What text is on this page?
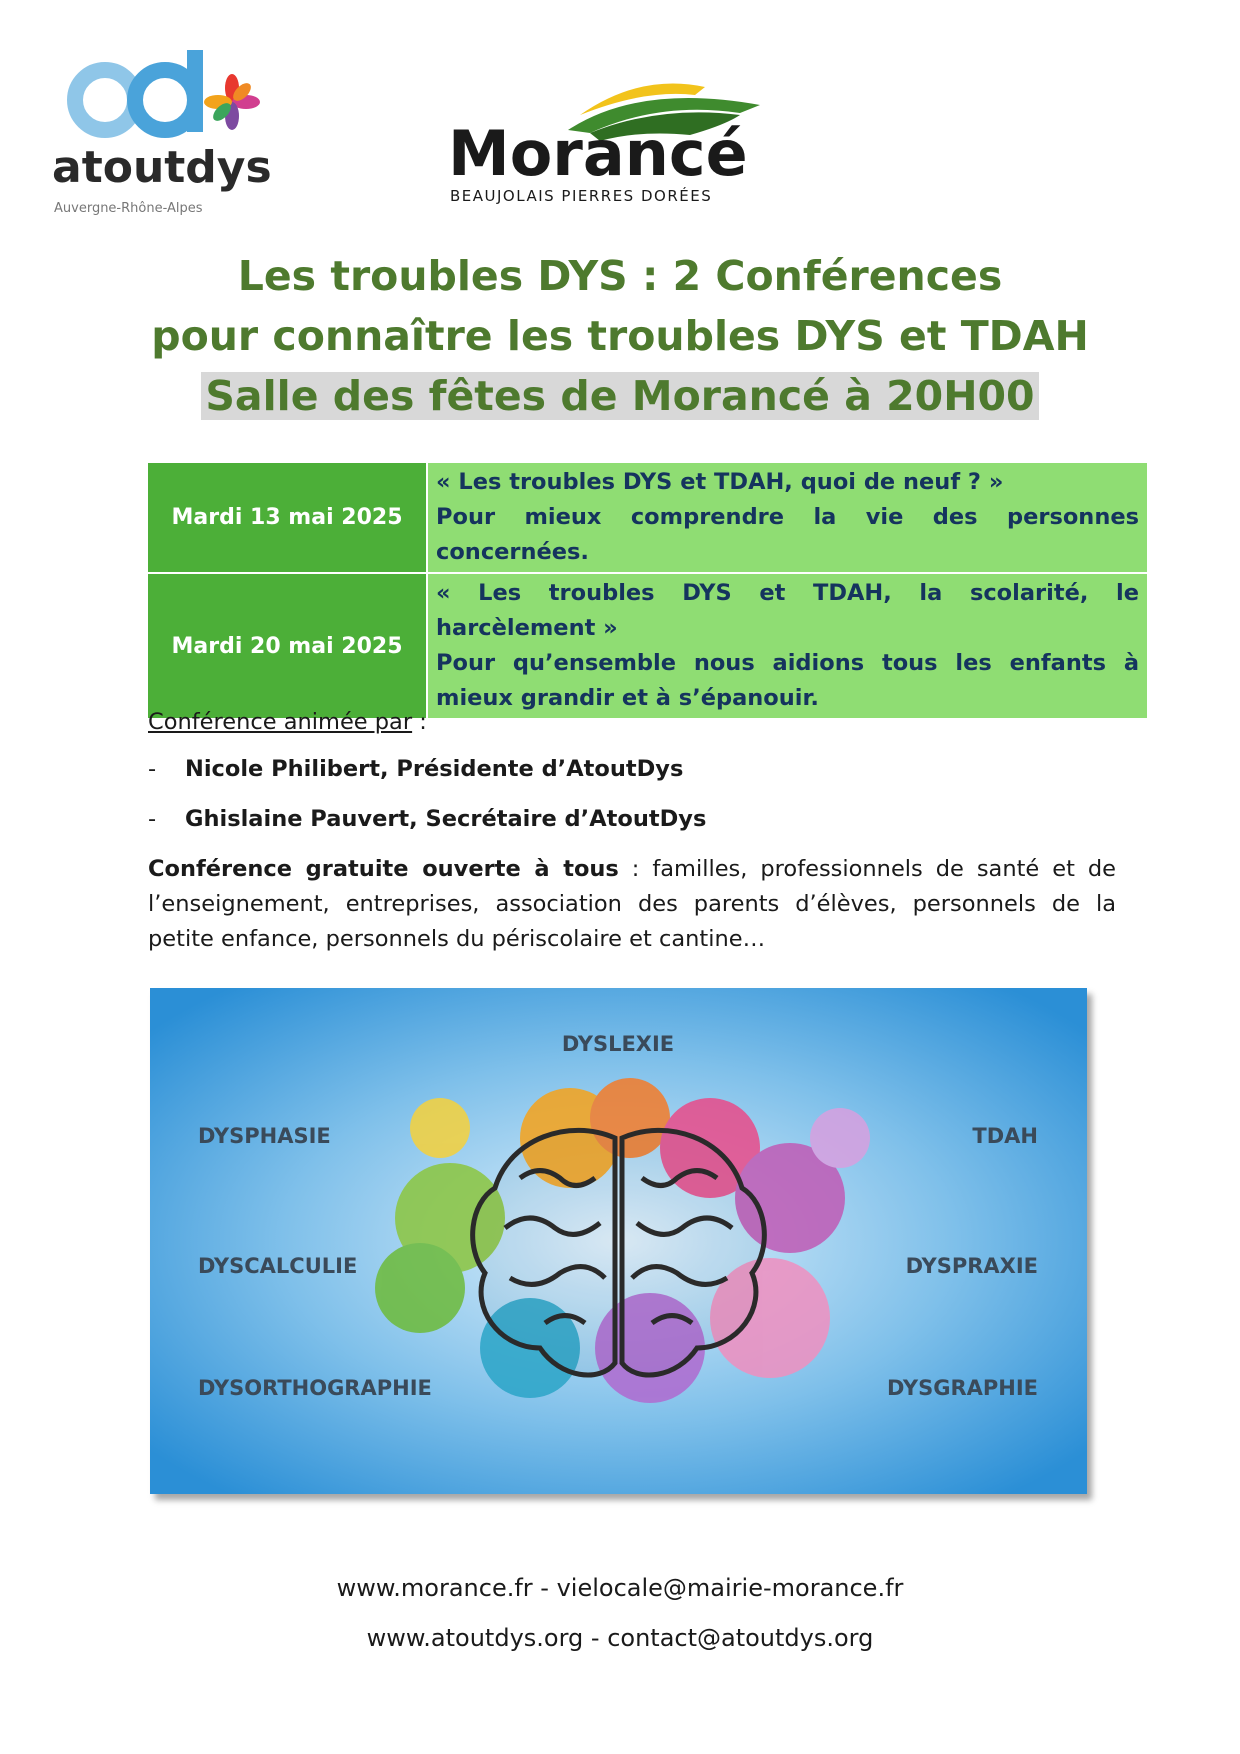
atoutdys
Auvergne-Rhône-Alpes
Morancé
BEAUJOLAIS PIERRES DORÉES
Les troubles DYS : 2 Conférences
pour connaître les troubles DYS et TDAH
Salle des fêtes de Morancé à 20H00
Mardi 13 mai 2025	« Les troubles DYS et TDAH, quoi de neuf ? »
Pour mieux comprendre la vie des personnes concernées.

Mardi 20 mai 2025	« Les troubles DYS et TDAH, la scolarité, le harcèlement »
Pour qu’ensemble nous aidions tous les enfants à mieux grandir et à s’épanouir.
Conférence animée par :
- Nicole Philibert, Présidente d’AtoutDys
- Ghislaine Pauvert, Secrétaire d’AtoutDys
Conférence gratuite ouverte à tous : familles, professionnels de santé et de l’enseignement, entreprises, association des parents d’élèves, personnels de la petite enfance, personnels du périscolaire et cantine…
DYSLEXIE
DYSPHASIE
DYSCALCULIE
DYSORTHOGRAPHIE
TDAH
DYSPRAXIE
DYSGRAPHIE
www.morance.fr - vielocale@mairie-morance.fr
www.atoutdys.org - contact@atoutdys.org
